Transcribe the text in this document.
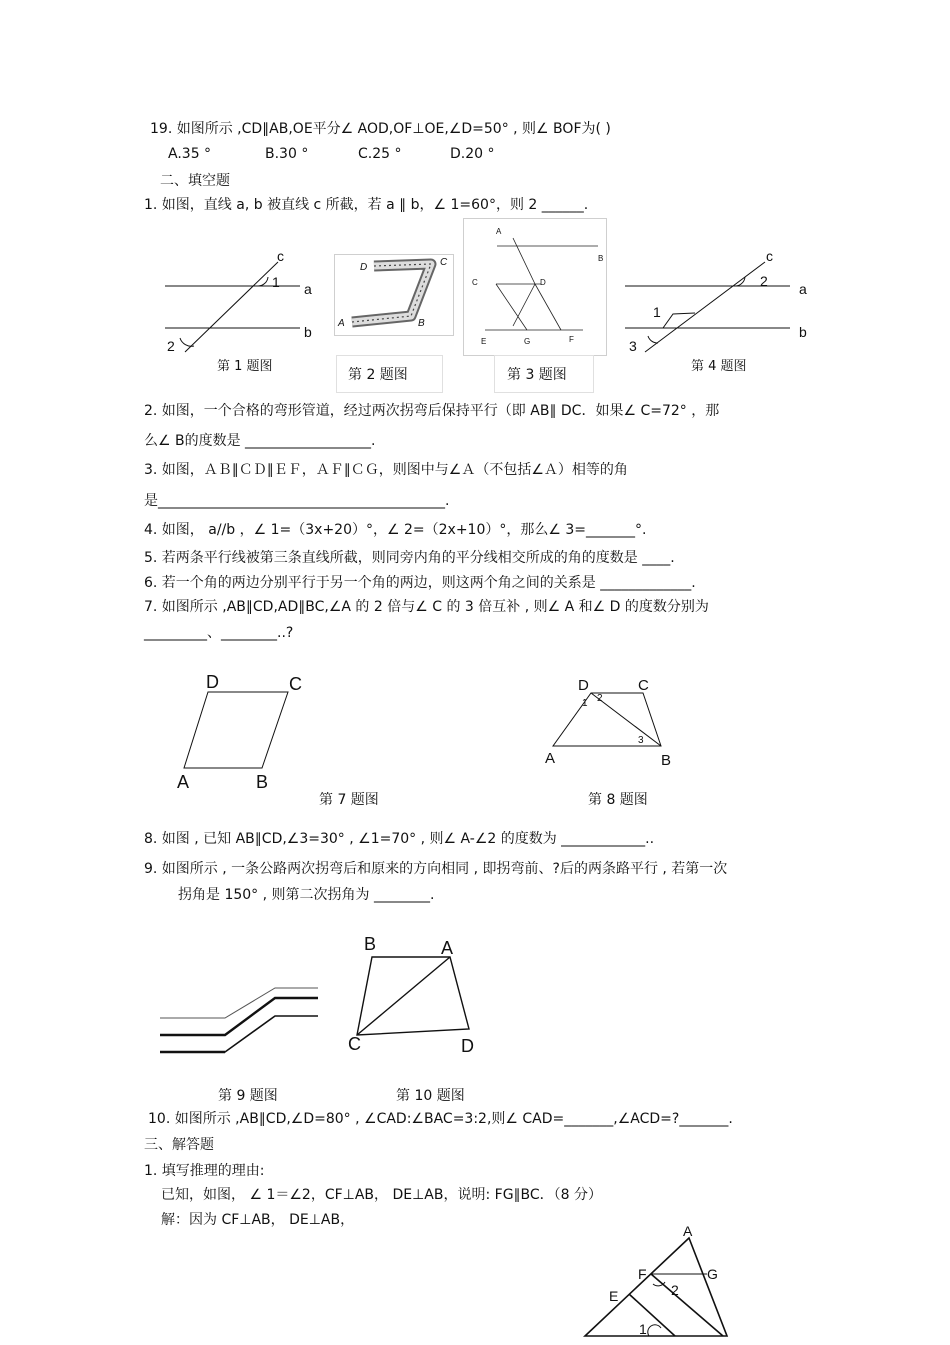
19. 如图所示 ,CD∥AB,OE平分∠ AOD,OF⊥OE,∠D=50° , 则∠ BOF为( )
A.35 °	B.30 °	C.25 °	D.20 °
二、填空题
1. 如图，直线 a, b 被直线 c 所截，若 a ∥ b，∠ 1=60°，则 2 ______.
c
a
b
1
2
第 1 题图
D	C
A	B
第 2 题图
A
B
C	D
E	G	F
第 3 题图
c
a
b
1
2
3
第 4 题图
2. 如图，一个合格的弯形管道，经过两次拐弯后保持平行（即 AB∥ DC．如果∠ C=72° ，那
么∠ B的度数是 __________________.
3. 如图，ＡＢ∥ＣＤ∥ＥＦ，ＡＦ∥ＣＧ，则图中与∠Ａ（不包括∠Ａ）相等的角
是_________________________________________.
4. 如图， a//b ，∠ 1=（3x+20）°，∠ 2=（2x+10）°，那么∠ 3=_______°.
5. 若两条平行线被第三条直线所截，则同旁内角的平分线相交所成的角的度数是 ____.
6. 若一个角的两边分别平行于另一个角的两边，则这两个角之间的关系是 _____________.
7. 如图所示 ,AB∥CD,AD∥BC,∠A 的 2 倍与∠ C 的 3 倍互补 , 则∠ A 和∠ D 的度数分别为
_________、________..?
D	C
A	B
第 7 题图
D	C
A	B
1 2
3
第 8 题图
8. 如图 , 已知 AB∥CD,∠3=30° , ∠1=70° , 则∠ A-∠2 的度数为 ____________..
9. 如图所示 , 一条公路两次拐弯后和原来的方向相同 , 即拐弯前、?后的两条路平行 , 若第一次
拐角是 150° , 则第二次拐角为 ________.
第 9 题图
B	A
C	D
第 10 题图
10. 如图所示 ,AB∥CD,∠D=80° , ∠CAD:∠BAC=3:2,则∠ CAD=_______,∠ACD=?_______.
三、解答题
1. 填写推理的理由:
已知，如图， ∠ 1＝∠2，CF⊥AB， DE⊥AB，说明: FG∥BC．（8 分）
解：因为 CF⊥AB， DE⊥AB，
A
F	G
E	2
1
